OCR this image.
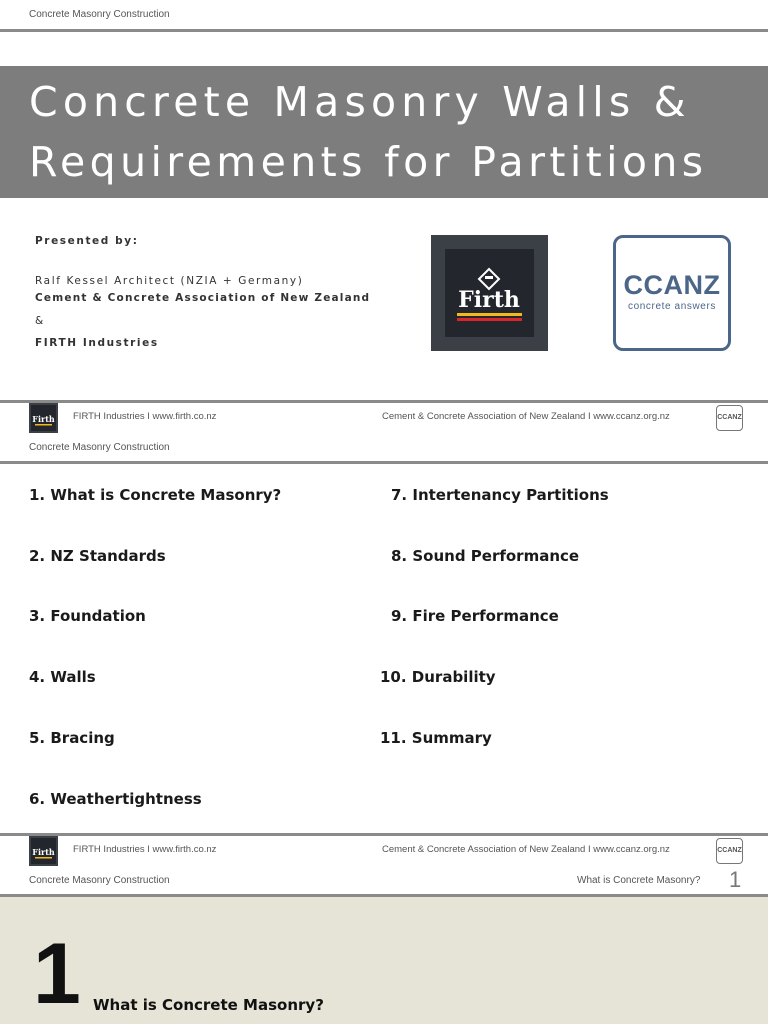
Concrete Masonry Construction
Concrete Masonry Walls &
Requirements for Partitions
Presented by:
Ralf Kessel Architect (NZIA + Germany)
Cement & Concrete Association of New Zealand
&
FIRTH Industries
Firth	CCANZ
concrete answers
Firth FIRTH Industries I www.firth.co.nz	Cement & Concrete Association of New Zealand I www.ccanz.org.nz	CCANZ
Concrete Masonry Construction
1. What is Concrete Masonry?
2. NZ Standards
3. Foundation
4. Walls
5. Bracing
6. Weathertightness
7. Intertenancy Partitions
8. Sound Performance
9. Fire Performance
10. Durability
11. Summary
Firth FIRTH Industries I www.firth.co.nz	Cement & Concrete Association of New Zealand I www.ccanz.org.nz	CCANZ
Concrete Masonry Construction	What is Concrete Masonry? 1
1 What is Concrete Masonry?
